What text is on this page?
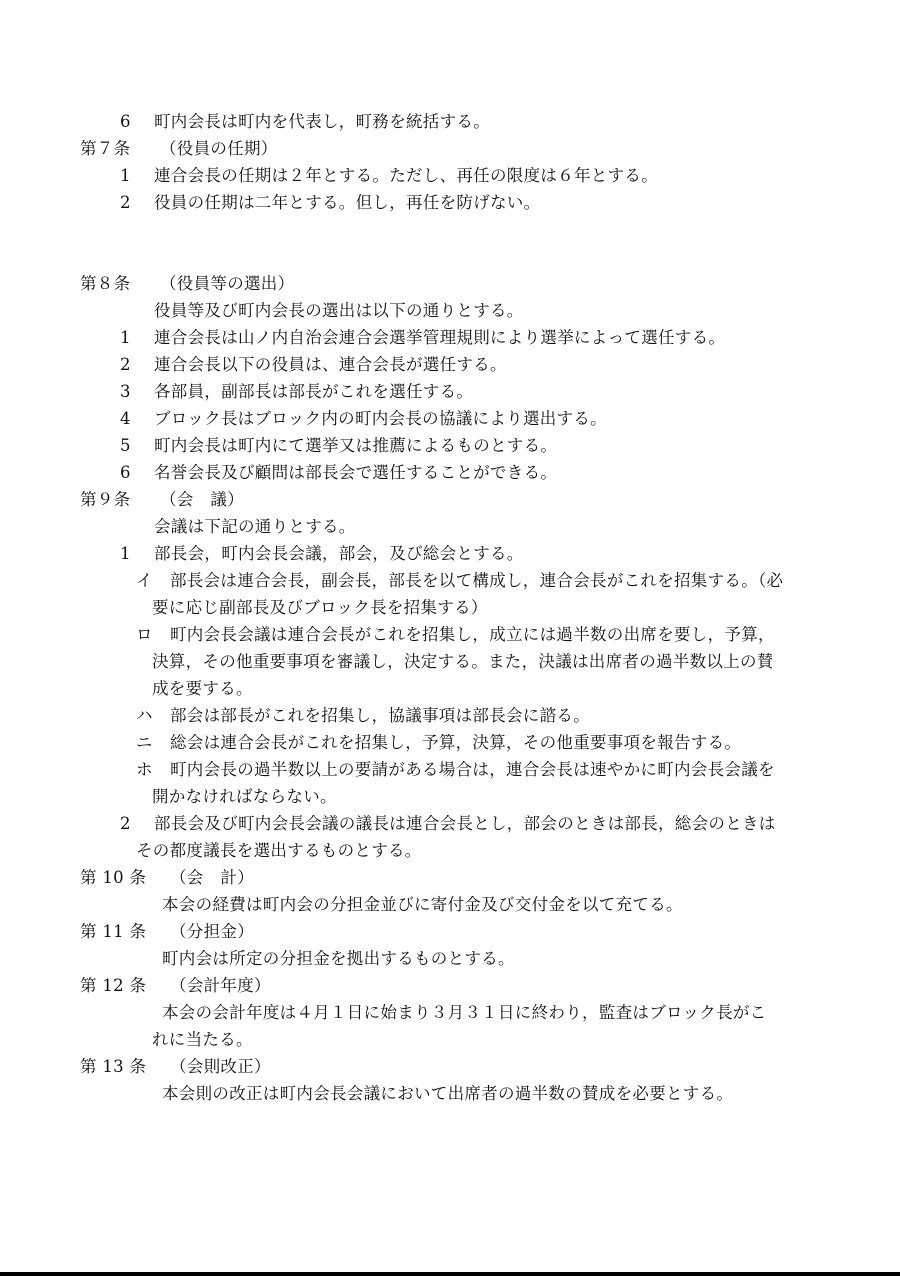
6 町内会長は町内を代表し，町務を統括する。
第７条 （役員の任期）
1 連合会長の任期は２年とする。ただし、再任の限度は６年とする。
2 役員の任期は二年とする。但し，再任を防げない。
第８条 （役員等の選出）
役員等及び町内会長の選出は以下の通りとする。
1 連合会長は山ノ内自治会連合会選挙管理規則により選挙によって選任する。
2 連合会長以下の役員は、連合会長が選任する。
3 各部員，副部長は部長がこれを選任する。
4 ブロック長はブロック内の町内会長の協議により選出する。
5 町内会長は町内にて選挙又は推薦によるものとする。
6 名誉会長及び顧問は部長会で選任することができる。
第９条 （会　議）
会議は下記の通りとする。
1 部長会，町内会長会議，部会，及び総会とする。
イ 部長会は連合会長，副会長，部長を以て構成し，連合会長がこれを招集する。（必
要に応じ副部長及びブロック長を招集する）
ロ 町内会長会議は連合会長がこれを招集し，成立には過半数の出席を要し，予算，
決算，その他重要事項を審議し，決定する。また，決議は出席者の過半数以上の賛
成を要する。
ハ 部会は部長がこれを招集し，協議事項は部長会に諮る。
ニ 総会は連合会長がこれを招集し，予算，決算，その他重要事項を報告する。
ホ 町内会長の過半数以上の要請がある場合は，連合会長は速やかに町内会長会議を
開かなければならない。
2 部長会及び町内会長会議の議長は連合会長とし，部会のときは部長，総会のときは
その都度議長を選出するものとする。
第 10 条 （会　計）
本会の経費は町内会の分担金並びに寄付金及び交付金を以て充てる。
第 11 条 （分担金）
町内会は所定の分担金を拠出するものとする。
第 12 条 （会計年度）
本会の会計年度は４月１日に始まり３月３１日に終わり，監査はブロック長がこ
れに当たる。
第 13 条 （会則改正）
本会則の改正は町内会長会議において出席者の過半数の賛成を必要とする。
